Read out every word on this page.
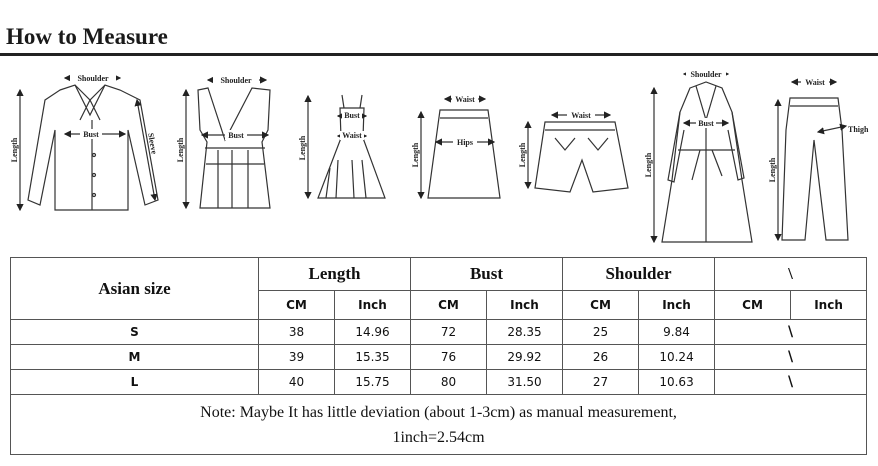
How to Measure
Shoulder
Bust
Length	Sleeve
Shoulder
Bust
Length
Bust
Waist
Length
Waist
Hips
Length
Waist
Length
Shoulder
Bust
Length
Waist
Thigh
Length
Asian size	Length		Bust		Shoulder		\	
	CM	Inch	CM	Inch	CM	Inch	CM	Inch
S	38	14.96	72	28.35	25	9.84	\	
M	39	15.35	76	29.92	26	10.24	\	
L	40	15.75	80	31.50	27	10.63	\	

Note: Maybe It has little deviation (about 1-3cm) as manual measurement,
1inch=2.54cm								
